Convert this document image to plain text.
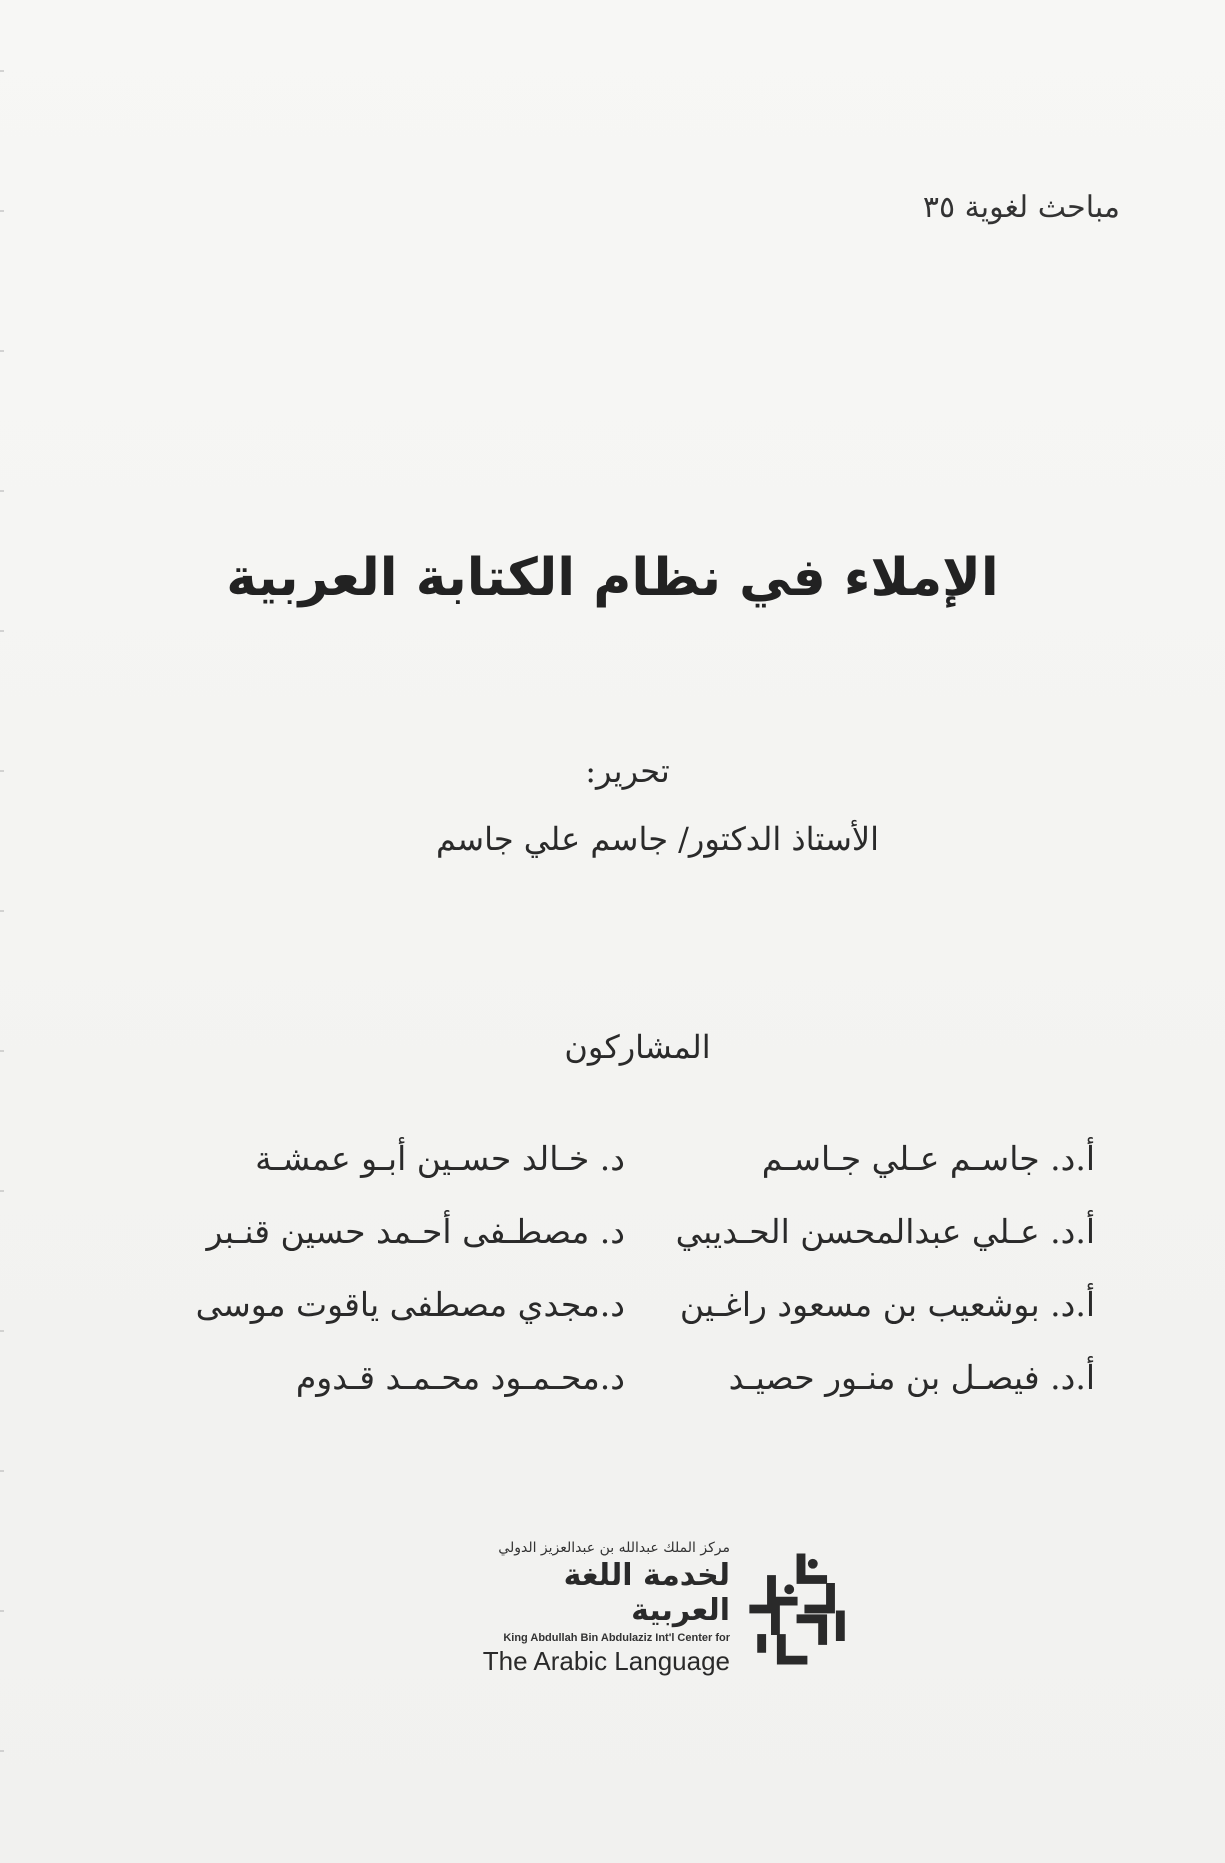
مباحث لغوية ٣٥
الإملاء في نظام الكتابة العربية
تحرير:
الأستاذ الدكتور/ جاسم علي جاسم
المشاركون
أ.د. جاسـم عـلي جـاسـم
أ.د. عـلي عبدالمحسن الحـديبي
أ.د. بوشعيب بن مسعود راغـين
أ.د. فيصـل بن منـور حصيـد
د. خـالد حسـين أبـو عمشـة
د. مصطـفى أحـمد حسين قنـبر
د.مجدي مصطفى ياقوت موسى
د.محـمـود محـمـد قـدوم
مركز الملك عبدالله بن عبدالعزيز الدولي
لخدمة اللغة العربية
King Abdullah Bin Abdulaziz Int'l Center for
The Arabic Language
